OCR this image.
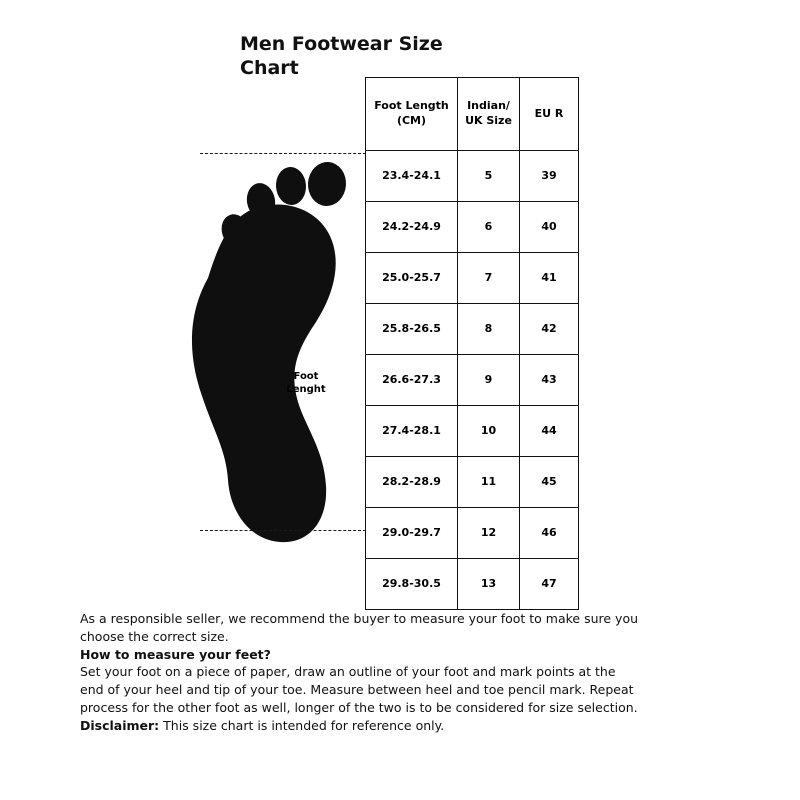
Men Footwear Size Chart
Foot
Lenght
Foot Length (CM)	Indian/ UK Size	EU R
23.4-24.1	5	39
24.2-24.9	6	40
25.0-25.7	7	41
25.8-26.5	8	42
26.6-27.3	9	43
27.4-28.1	10	44
28.2-28.9	11	45
29.0-29.7	12	46
29.8-30.5	13	47

As a responsible seller, we recommend the buyer to measure your foot to make sure you

choose the correct size.

How to measure your feet?

Set your foot on a piece of paper, draw an outline of your foot and mark points at the

end of your heel and tip of your toe. Measure between heel and toe pencil mark. Repeat

process for the other foot as well, longer of the two is to be considered for size selection.

Disclaimer: This size chart is intended for reference only.
